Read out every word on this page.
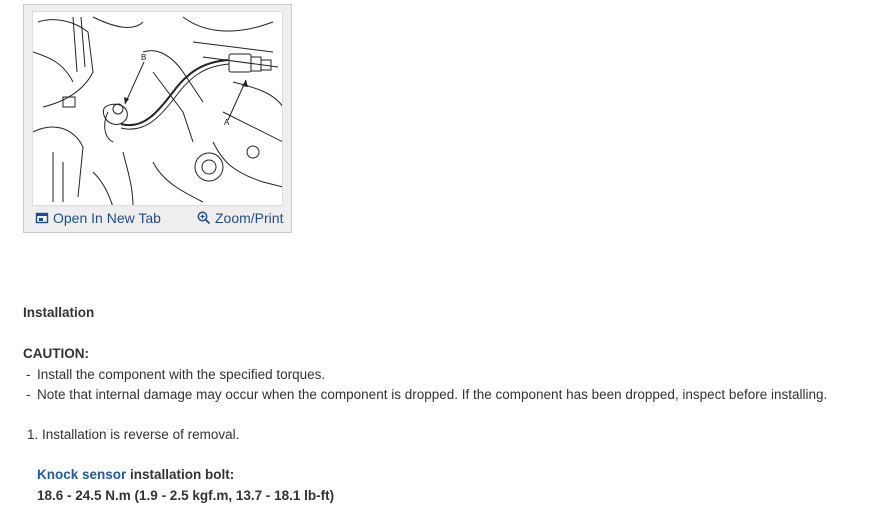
B
A
Open In New Tab	Zoom/Print
Installation
CAUTION:
- Install the component with the specified torques.
- Note that internal damage may occur when the component is dropped. If the component has been dropped, inspect before installing.
1. Installation is reverse of removal.
Knock sensor installation bolt:
18.6 - 24.5 N.m (1.9 - 2.5 kgf.m, 13.7 - 18.1 lb-ft)
